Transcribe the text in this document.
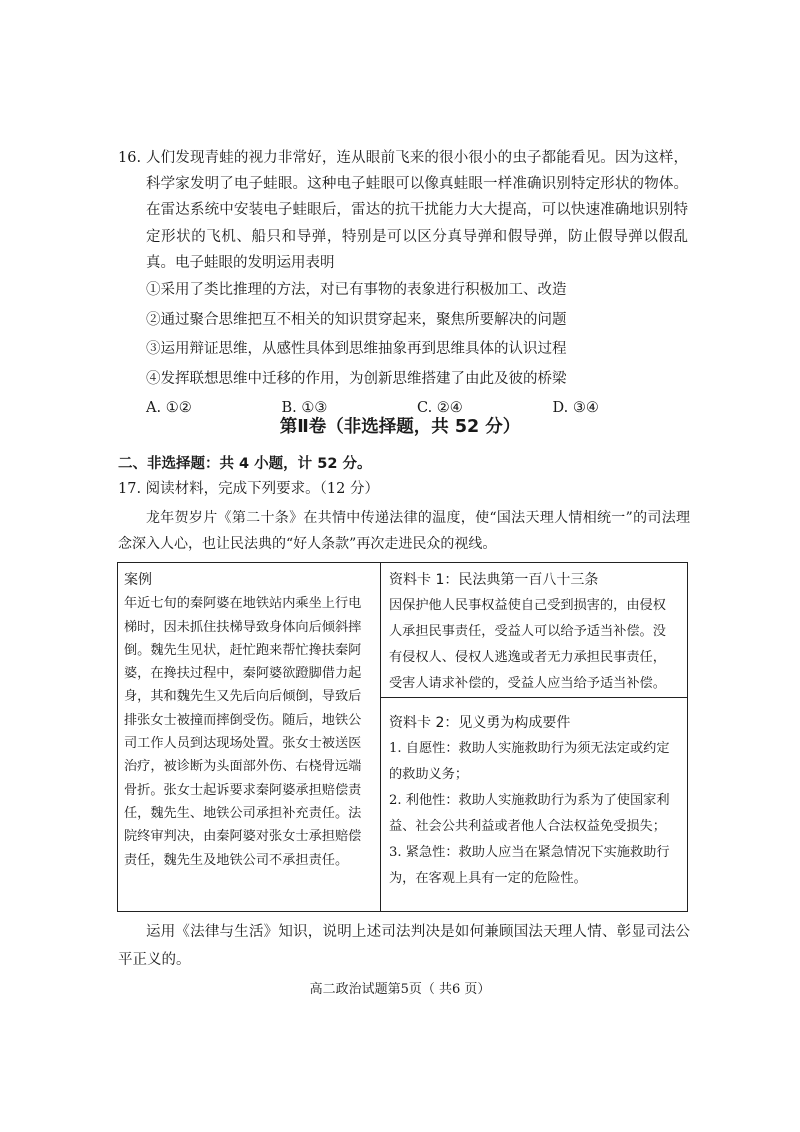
16. 人们发现青蛙的视力非常好，连从眼前飞来的很小很小的虫子都能看见。因为这样，科学家发明了电子蛙眼。这种电子蛙眼可以像真蛙眼一样准确识别特定形状的物体。在雷达系统中安装电子蛙眼后，雷达的抗干扰能力大大提高，可以快速准确地识别特定形状的飞机、船只和导弹，特别是可以区分真导弹和假导弹，防止假导弹以假乱真。电子蛙眼的发明运用表明

①采用了类比推理的方法，对已有事物的表象进行积极加工、改造
②通过聚合思维把互不相关的知识贯穿起来，聚焦所要解决的问题
③运用辩证思维，从感性具体到思维抽象再到思维具体的认识过程
④发挥联想思维中迁移的作用，为创新思维搭建了由此及彼的桥梁
A. ①②	B. ①③	C. ②④	D. ③④
第Ⅱ卷（非选择题，共 52 分）
二、非选择题：共 4 小题，计 52 分。
17. 阅读材料，完成下列要求。（12 分）
龙年贺岁片《第二十条》在共情中传递法律的温度，使“国法天理人情相统一”的司法理念深入人心，也让民法典的“好人条款”再次走进民众的视线。
案例
年近七旬的秦阿婆在地铁站内乘坐上行电梯时，因未抓住扶梯导致身体向后倾斜摔倒。魏先生见状，赶忙跑来帮忙搀扶秦阿婆，在搀扶过程中，秦阿婆欲蹬脚借力起身，其和魏先生又先后向后倾倒，导致后排张女士被撞而摔倒受伤。随后，地铁公司工作人员到达现场处置。张女士被送医治疗，被诊断为头面部外伤、右桡骨远端骨折。张女士起诉要求秦阿婆承担赔偿责任，魏先生、地铁公司承担补充责任。法院终审判决，由秦阿婆对张女士承担赔偿责任，魏先生及地铁公司不承担责任。

资料卡 1：民法典第一百八十三条
因保护他人民事权益使自己受到损害的，由侵权人承担民事责任，受益人可以给予适当补偿。没有侵权人、侵权人逃逸或者无力承担民事责任，受害人请求补偿的，受益人应当给予适当补偿。

资料卡 2：见义勇为构成要件
1. 自愿性：救助人实施救助行为须无法定或约定的救助义务；
2. 利他性：救助人实施救助行为系为了使国家利益、社会公共利益或者他人合法权益免受损失；
3. 紧急性：救助人应当在紧急情况下实施救助行为，在客观上具有一定的危险性。
运用《法律与生活》知识，说明上述司法判决是如何兼顾国法天理人情、彰显司法公平正义的。
高二政治试题第5页（ 共6 页）
